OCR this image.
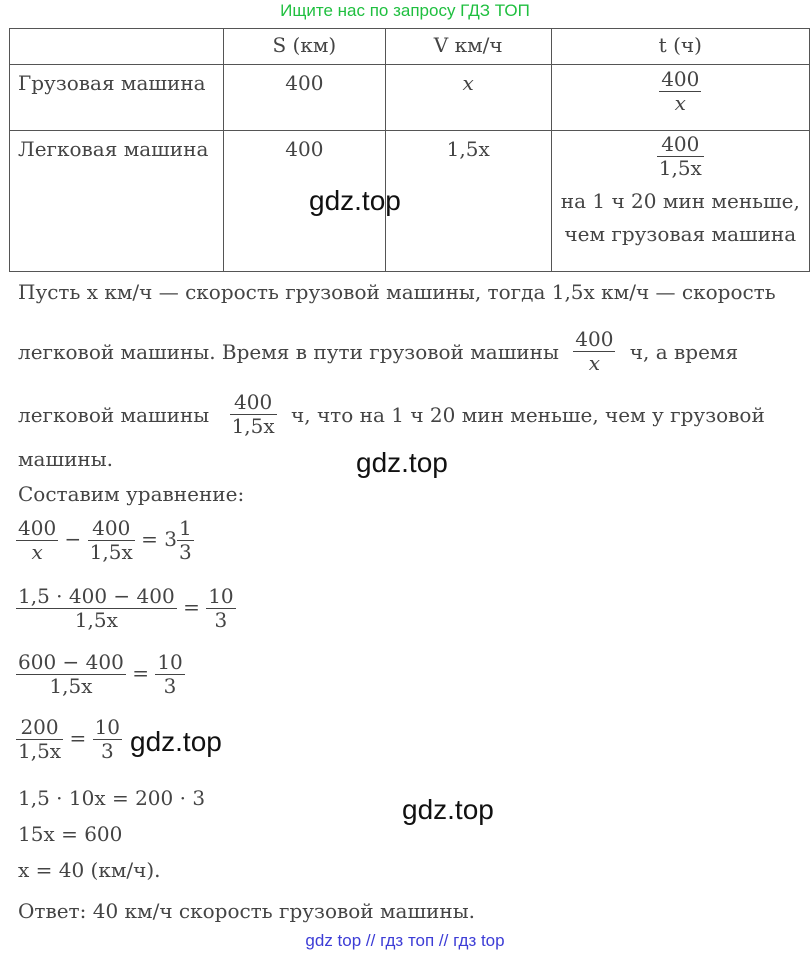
Ищите нас по запросу ГДЗ ТОП

	S (км)	V км/ч	t (ч)

Грузовая машина	400	x	$\frac{400}{x}$

Легковая машина	400	1,5x	$\frac{400}{1,5x}$
на 1 ч 20 мин меньше,
чем грузовая машина
Пусть x км/ч — скорость грузовой машины, тогда 1,5x км/ч — скорость
легковой машины. Время в пути грузовой машины $\frac{400}{x} ч$, а время
легковой машины $\frac{400}{1,5x} ч$, что на 1 ч 20 мин меньше, чем у грузовой
машины.
Составим уравнение:
$\frac{400}{x} - \frac{400}{1,5x} = 3 \frac{1}{3}$
$\frac{1,5 \cdot 400 - 400}{1,5x} = \frac{10}{3}$
$\frac{600 - 400}{1,5x} = \frac{10}{3}$
$\frac{200}{1,5x} = \frac{10}{3}$
1,5 · 10x = 200 · 3
15x = 600
x = 40 (км/ч).
Ответ: 40 км/ч скорость грузовой машины.
gdz.top
gdz.top
gdz.top
gdz.top
gdz top // гдз топ // гдз top
